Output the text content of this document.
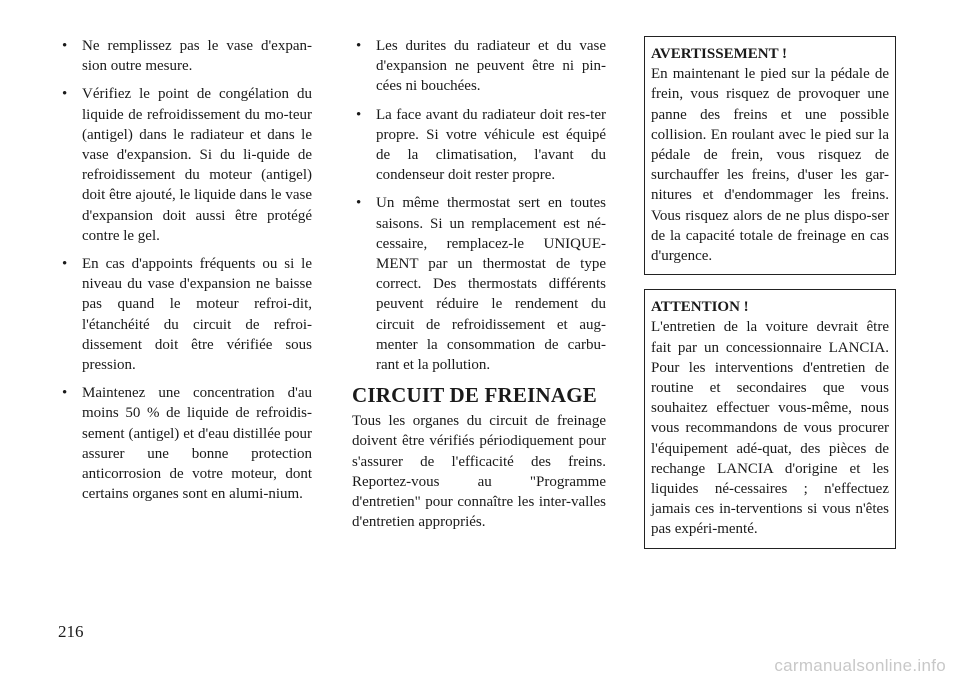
• Ne remplissez pas le vase d'expan-sion outre mesure.
• Vérifiez le point de congélation du liquide de refroidissement du mo-teur (antigel) dans le radiateur et dans le vase d'expansion. Si du li-quide de refroidissement du moteur (antigel) doit être ajouté, le liquide dans le vase d'expansion doit aussi être protégé contre le gel.
• En cas d'appoints fréquents ou si le niveau du vase d'expansion ne baisse pas quand le moteur refroi-dit, l'étanchéité du circuit de refroi-dissement doit être vérifiée sous pression.
• Maintenez une concentration d'au moins 50 % de liquide de refroidis-sement (antigel) et d'eau distillée pour assurer une bonne protection anticorrosion de votre moteur, dont certains organes sont en alumi-nium.
• Les durites du radiateur et du vase d'expansion ne peuvent être ni pin-cées ni bouchées.
• La face avant du radiateur doit res-ter propre. Si votre véhicule est équipé de la climatisation, l'avant du condenseur doit rester propre.
• Un même thermostat sert en toutes saisons. Si un remplacement est né-cessaire, remplacez-le UNIQUE-MENT par un thermostat de type correct. Des thermostats différents peuvent réduire le rendement du circuit de refroidissement et aug-menter la consommation de carbu-rant et la pollution.
CIRCUIT DE FREINAGE

Tous les organes du circuit de freinage doivent être vérifiés périodiquement pour s'assurer de l'efficacité des freins. Reportez-vous au "Programme d'entretien" pour connaître les inter-valles d'entretien appropriés.

AVERTISSEMENT !
En maintenant le pied sur la pédale de frein, vous risquez de provoquer une panne des freins et une possible collision. En roulant avec le pied sur la pédale de frein, vous risquez de surchauffer les freins, d'user les gar-nitures et d'endommager les freins. Vous risquez alors de ne plus dispo-ser de la capacité totale de freinage en cas d'urgence.
ATTENTION !
L'entretien de la voiture devrait être fait par un concessionnaire LANCIA. Pour les interventions d'entretien de routine et secondaires que vous souhaitez effectuer vous-même, nous vous recommandons de vous procurer l'équipement adé-quat, des pièces de rechange LANCIA d'origine et les liquides né-cessaires ; n'effectuez jamais ces in-terventions si vous n'êtes pas expéri-menté.
216
carmanualsonline.info
